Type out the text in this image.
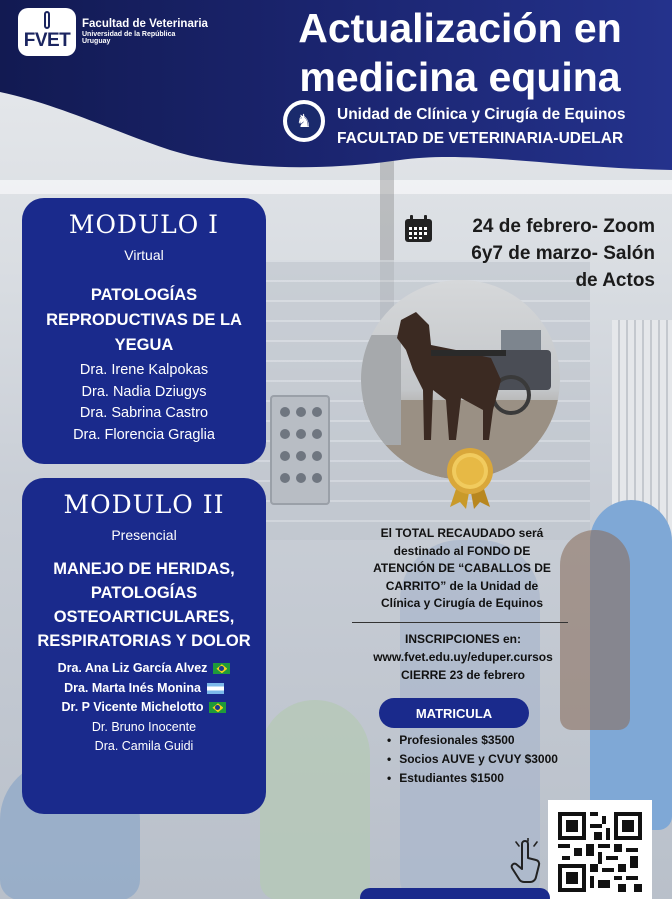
FVET
Facultad de Veterinaria
Universidad de la República
Uruguay	Actualización en
medicina equina
♞	Unidad de Clínica y Cirugía de Equinos
FACULTAD DE VETERINARIA-UDELAR
MODULO I
Virtual
PATOLOGÍAS REPRODUCTIVAS DE LA YEGUA
Dra. Irene Kalpokas
Dra. Nadia Dziugys
Dra. Sabrina Castro
Dra. Florencia Graglia
MODULO II
Presencial
MANEJO DE HERIDAS, PATOLOGÍAS OSTEOARTICULARES, RESPIRATORIAS Y DOLOR
Dra. Ana Liz García Alvez
Dra. Marta Inés Monina
Dr. P Vicente Michelotto
Dr. Bruno Inocente
Dra. Camila Guidi
24 de febrero- Zoom
6y7 de marzo- Salón
de Actos
El TOTAL RECAUDADO será
destinado al FONDO DE
ATENCIÓN DE “CABALLOS DE
CARRITO” de la Unidad de
Clínica y Cirugía de Equinos
INSCRIPCIONES en:
www.fvet.edu.uy/eduper.cursos
CIERRE 23 de febrero
MATRICULA
• Profesionales $3500
• Socios AUVE y CVUY $3000
• Estudiantes $1500
